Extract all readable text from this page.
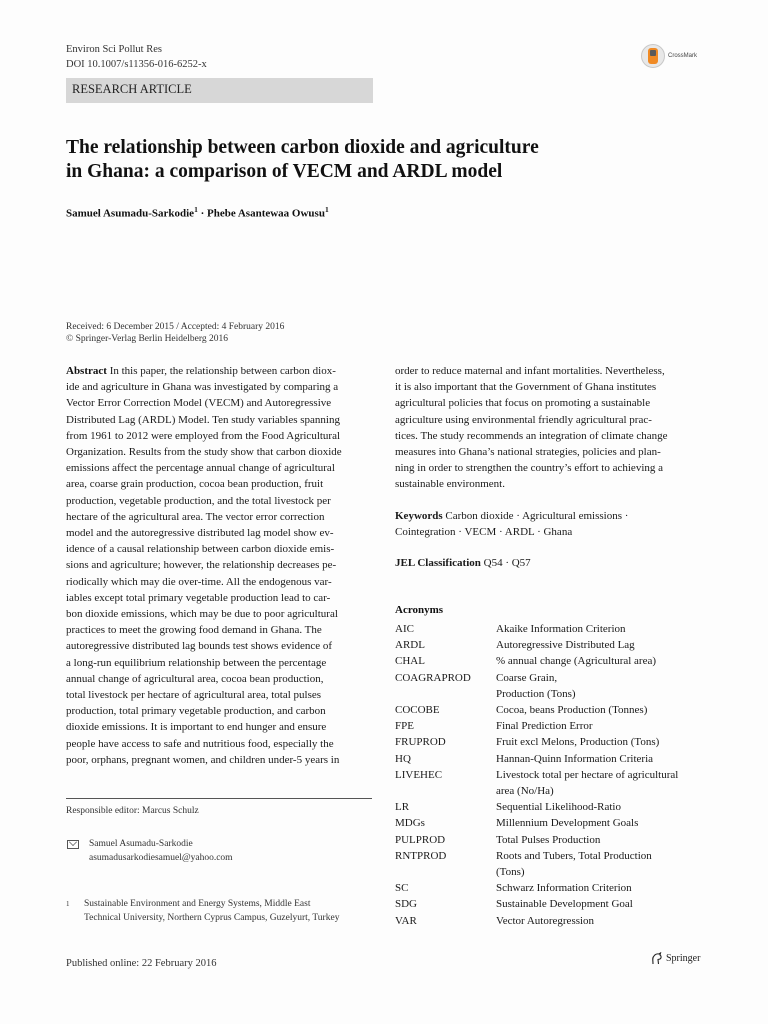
Environ Sci Pollut Res
DOI 10.1007/s11356-016-6252-x
CrossMark
RESEARCH ARTICLE
The relationship between carbon dioxide and agriculture
in Ghana: a comparison of VECM and ARDL model
Samuel Asumadu-Sarkodie$^1$ · Phebe Asantewaa Owusu$^1$
Received: 6 December 2015 / Accepted: 4 February 2016
© Springer-Verlag Berlin Heidelberg 2016
Abstract In this paper, the relationship between carbon diox-
ide and agriculture in Ghana was investigated by comparing a
Vector Error Correction Model (VECM) and Autoregressive
Distributed Lag (ARDL) Model. Ten study variables spanning
from 1961 to 2012 were employed from the Food Agricultural
Organization. Results from the study show that carbon dioxide
emissions affect the percentage annual change of agricultural
area, coarse grain production, cocoa bean production, fruit
production, vegetable production, and the total livestock per
hectare of the agricultural area. The vector error correction
model and the autoregressive distributed lag model show ev-
idence of a causal relationship between carbon dioxide emis-
sions and agriculture; however, the relationship decreases pe-
riodically which may die over-time. All the endogenous var-
iables except total primary vegetable production lead to car-
bon dioxide emissions, which may be due to poor agricultural
practices to meet the growing food demand in Ghana. The
autoregressive distributed lag bounds test shows evidence of
a long-run equilibrium relationship between the percentage
annual change of agricultural area, cocoa bean production,
total livestock per hectare of agricultural area, total pulses
production, total primary vegetable production, and carbon
dioxide emissions. It is important to end hunger and ensure
people have access to safe and nutritious food, especially the
poor, orphans, pregnant women, and children under-5 years in
order to reduce maternal and infant mortalities. Nevertheless,
it is also important that the Government of Ghana institutes
agricultural policies that focus on promoting a sustainable
agriculture using environmental friendly agricultural prac-
tices. The study recommends an integration of climate change
measures into Ghana’s national strategies, policies and plan-
ning in order to strengthen the country’s effort to achieving a
sustainable environment.
Keywords Carbon dioxide · Agricultural emissions ·
Cointegration · VECM · ARDL · Ghana
JEL Classification Q54 · Q57
Acronyms
AIC	Akaike Information Criterion
ARDL	Autoregressive Distributed Lag
CHAL	% annual change (Agricultural area)
COAGRAPROD	Coarse Grain,
Production (Tons)
COCOBE	Cocoa, beans Production (Tonnes)
FPE	Final Prediction Error
FRUPROD	Fruit excl Melons, Production (Tons)
HQ	Hannan-Quinn Information Criteria
LIVEHEC	Livestock total per hectare of agricultural
area (No/Ha)
LR	Sequential Likelihood-Ratio
MDGs	Millennium Development Goals
PULPROD	Total Pulses Production
RNTPROD	Roots and Tubers, Total Production
(Tons)
SC	Schwarz Information Criterion
SDG	Sustainable Development Goal
VAR	Vector Autoregression
Responsible editor: Marcus Schulz
Samuel Asumadu-Sarkodie
asumadusarkodiesamuel@yahoo.com
1	Sustainable Environment and Energy Systems, Middle East
Technical University, Northern Cyprus Campus, Guzelyurt, Turkey
Published online: 22 February 2016	Springer
